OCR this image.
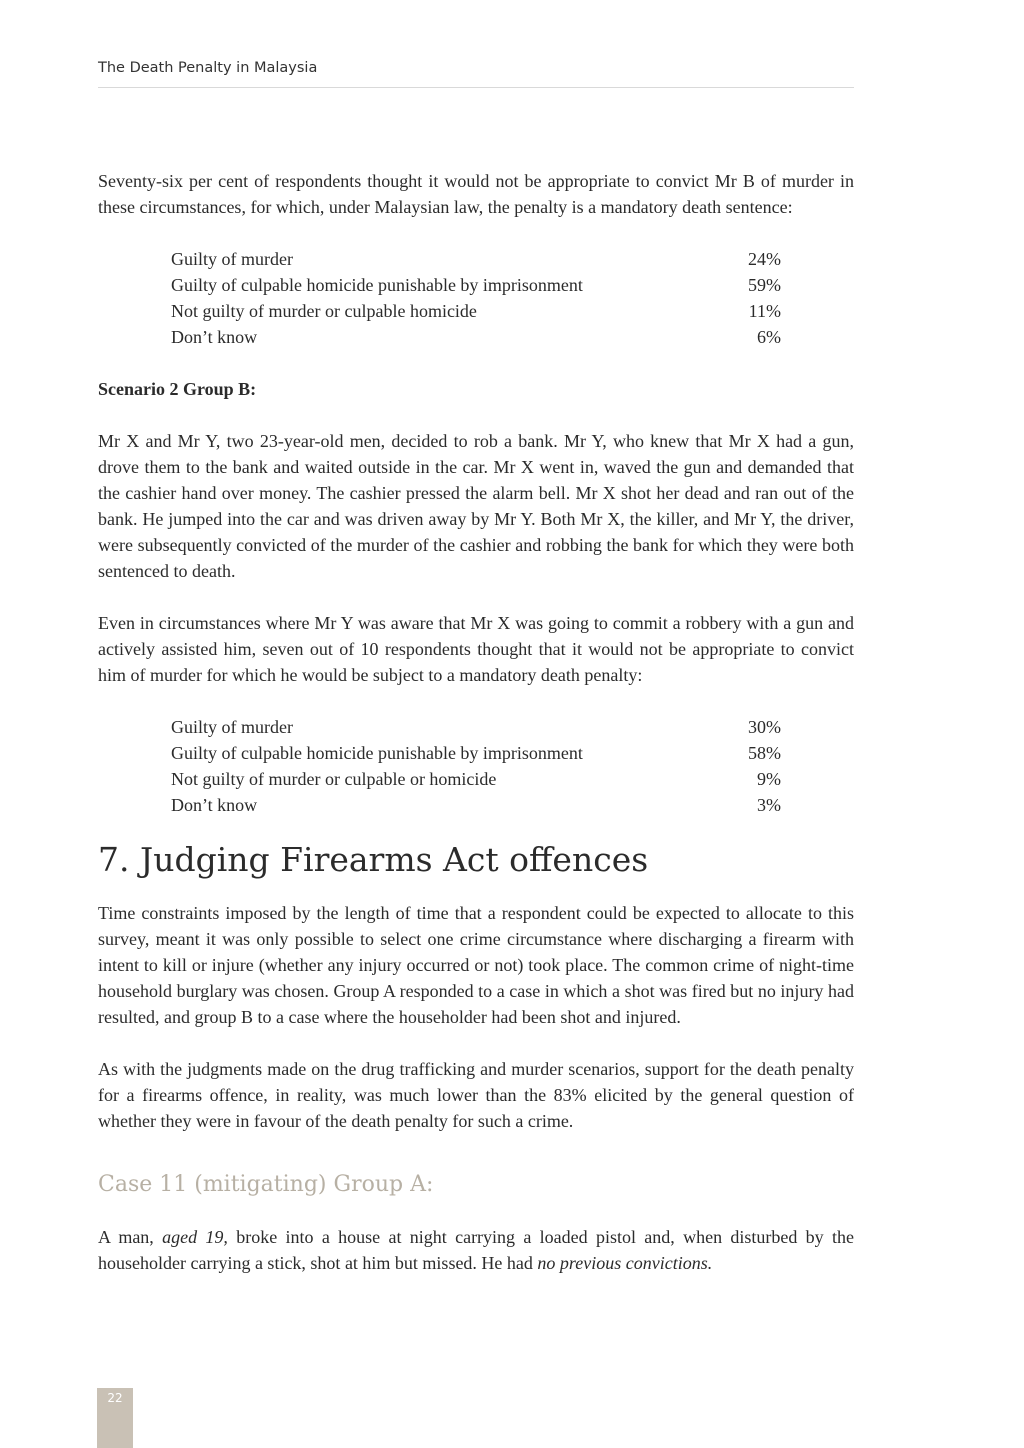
The Death Penalty in Malaysia

Seventy-six per cent of respondents thought it would not be appropriate to convict Mr B of murder in these circumstances, for which, under Malaysian law, the penalty is a mandatory death sentence:

Guilty of murder	24%
Guilty of culpable homicide punishable by imprisonment	59%
Not guilty of murder or culpable homicide	11%
Don’t know	6%
Scenario 2 Group B:

Mr X and Mr Y, two 23-year-old men, decided to rob a bank. Mr Y, who knew that Mr X had a gun, drove them to the bank and waited outside in the car. Mr X went in, waved the gun and demanded that the cashier hand over money. The cashier pressed the alarm bell. Mr X shot her dead and ran out of the bank. He jumped into the car and was driven away by Mr Y. Both Mr X, the killer, and Mr Y, the driver, were subsequently convicted of the murder of the cashier and robbing the bank for which they were both sentenced to death.

Even in circumstances where Mr Y was aware that Mr X was going to commit a robbery with a gun and actively assisted him, seven out of 10 respondents thought that it would not be appropriate to convict him of murder for which he would be subject to a mandatory death penalty:

Guilty of murder	30%
Guilty of culpable homicide punishable by imprisonment	58%
Not guilty of murder or culpable or homicide	9%
Don’t know	3%
7. Judging Firearms Act offences

Time constraints imposed by the length of time that a respondent could be expected to allocate to this survey, meant it was only possible to select one crime circumstance where discharging a firearm with intent to kill or injure (whether any injury occurred or not) took place. The common crime of night-time household burglary was chosen. Group A responded to a case in which a shot was fired but no injury had resulted, and group B to a case where the householder had been shot and injured.

As with the judgments made on the drug trafficking and murder scenarios, support for the death penalty for a firearms offence, in reality, was much lower than the 83% elicited by the general question of whether they were in favour of the death penalty for such a crime.

Case 11 (mitigating) Group A:

A man, aged 19, broke into a house at night carrying a loaded pistol and, when disturbed by the householder carrying a stick, shot at him but missed. He had no previous convictions.

22
